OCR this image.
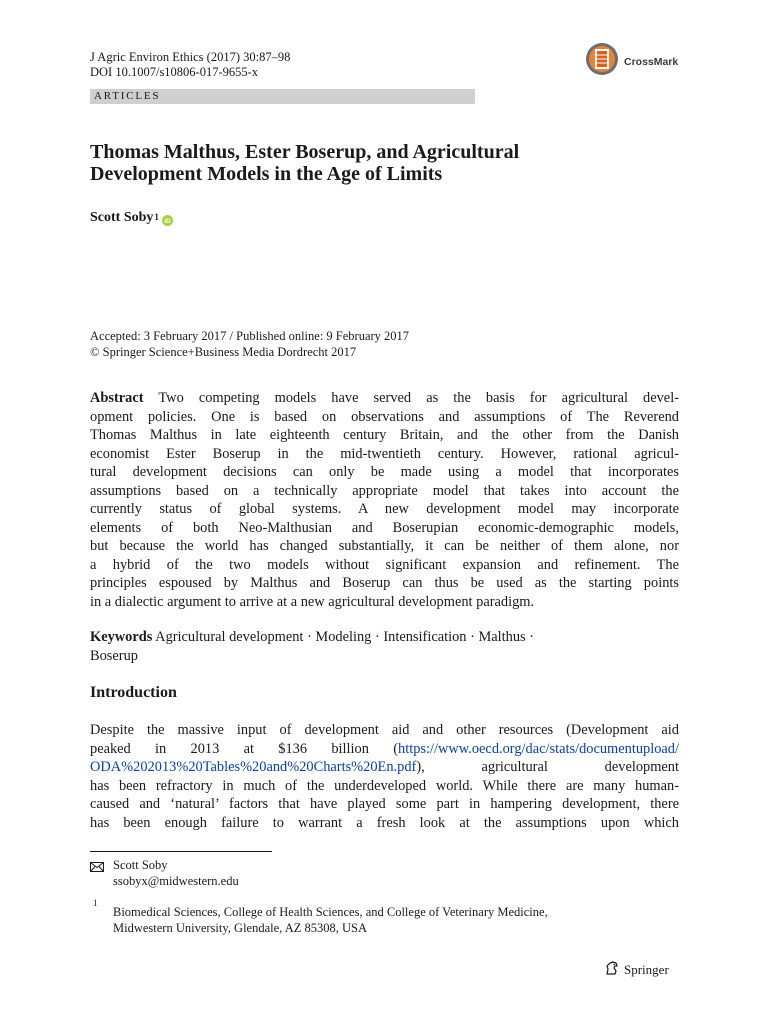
J Agric Environ Ethics (2017) 30:87–98
DOI 10.1007/s10806-017-9655-x
CrossMark
ARTICLES
Thomas Malthus, Ester Boserup, and Agricultural
Development Models in the Age of Limits
Scott Soby$^1$ iD
Accepted: 3 February 2017 / Published online: 9 February 2017
© Springer Science+Business Media Dordrecht 2017
Abstract Two competing models have served as the basis for agricultural devel-
opment policies. One is based on observations and assumptions of The Reverend
Thomas Malthus in late eighteenth century Britain, and the other from the Danish
economist Ester Boserup in the mid-twentieth century. However, rational agricul-
tural development decisions can only be made using a model that incorporates
assumptions based on a technically appropriate model that takes into account the
currently status of global systems. A new development model may incorporate
elements of both Neo-Malthusian and Boserupian economic-demographic models,
but because the world has changed substantially, it can be neither of them alone, nor
a hybrid of the two models without significant expansion and refinement. The
principles espoused by Malthus and Boserup can thus be used as the starting points
in a dialectic argument to arrive at a new agricultural development paradigm.
Keywords Agricultural development · Modeling · Intensification · Malthus ·
Boserup
Introduction
Despite the massive input of development aid and other resources (Development aid
peaked in 2013 at $136 billion (https://www.oecd.org/dac/stats/documentupload/
ODA%202013%20Tables%20and%20Charts%20En.pdf), agricultural development
has been refractory in much of the underdeveloped world. While there are many human-
caused and ‘natural’ factors that have played some part in hampering development, there
has been enough failure to warrant a fresh look at the assumptions upon which
Scott Soby
ssobyx@midwestern.edu
1
Biomedical Sciences, College of Health Sciences, and College of Veterinary Medicine,
Midwestern University, Glendale, AZ 85308, USA
Springer
